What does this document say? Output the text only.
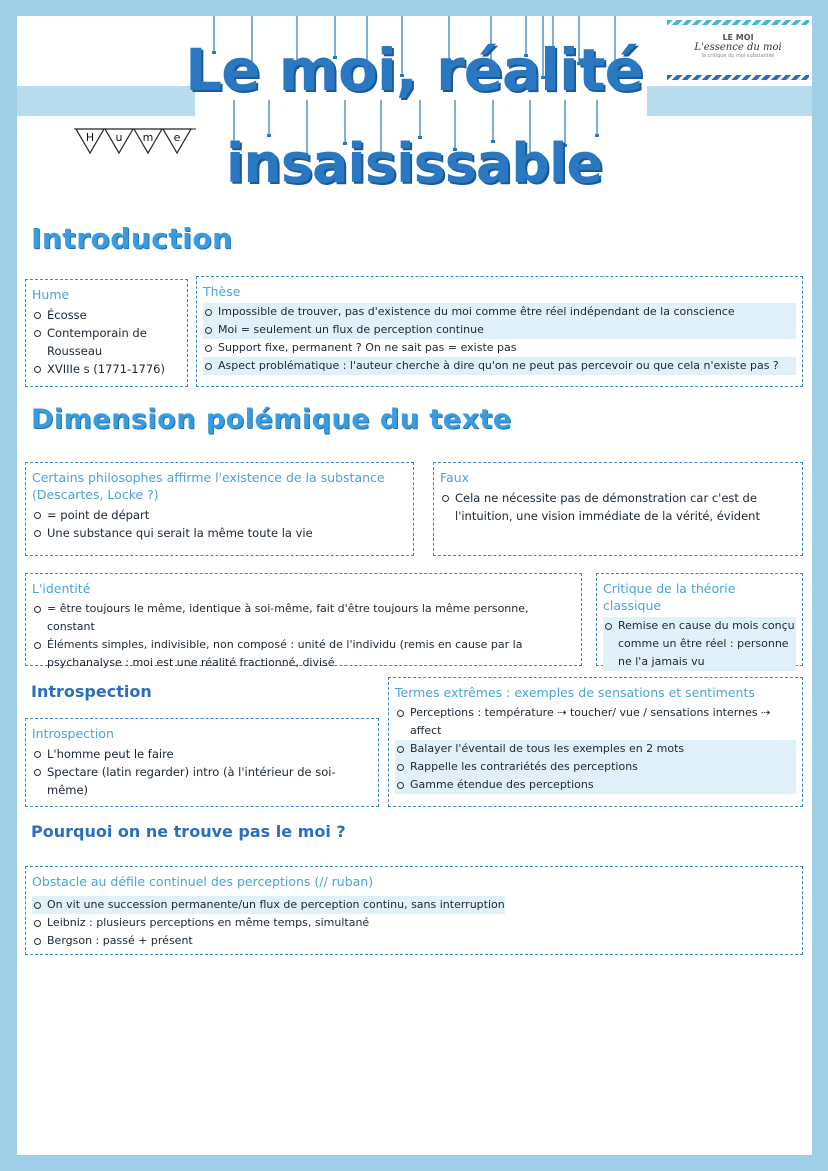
LE MOI
L'essence du moi
la critique du moi substantiel
H u m e
Le moi, réalité
insaisissable
Introduction
Hume
Écosse
Contemporain de Rousseau
XVIIIe s (1771-1776)
Thèse
Impossible de trouver, pas d'existence du moi comme être réel indépendant de la conscience
Moi = seulement un flux de perception continue
Support fixe, permanent ? On ne sait pas = existe pas
Aspect problématique : l'auteur cherche à dire qu'on ne peut pas percevoir ou que cela n'existe pas ?
Dimension polémique du texte
Certains philosophes affirme l'existence de la substance (Descartes, Locke ?)
= point de départ
Une substance qui serait la même toute la vie
Faux
Cela ne nécessite pas de démonstration car c'est de l'intuition, une vision immédiate de la vérité, évident
L'identité
= être toujours le même, identique à soi-même, fait d'être toujours la même personne, constant
Éléments simples, indivisible, non composé : unité de l'individu (remis en cause par la psychanalyse : moi est une réalité fractionné, divisé
Critique de la théorie classique
Remise en cause du mois conçu comme un être réel : personne ne l'a jamais vu
Introspection
Introspection
L'homme peut le faire
Spectare (latin regarder) intro (à l'intérieur de soi-même)
Termes extrêmes : exemples de sensations et sentiments
Perceptions : température ⇢ toucher/ vue / sensations internes ⇢ affect
Balayer l'éventail de tous les exemples en 2 mots
Rappelle les contrariétés des perceptions
Gamme étendue des perceptions
Pourquoi on ne trouve pas le moi ?
Obstacle au défile continuel des perceptions (// ruban)
On vit une succession permanente/un flux de perception continu, sans interruption
Leibniz : plusieurs perceptions en même temps, simultané
Bergson : passé + présent
